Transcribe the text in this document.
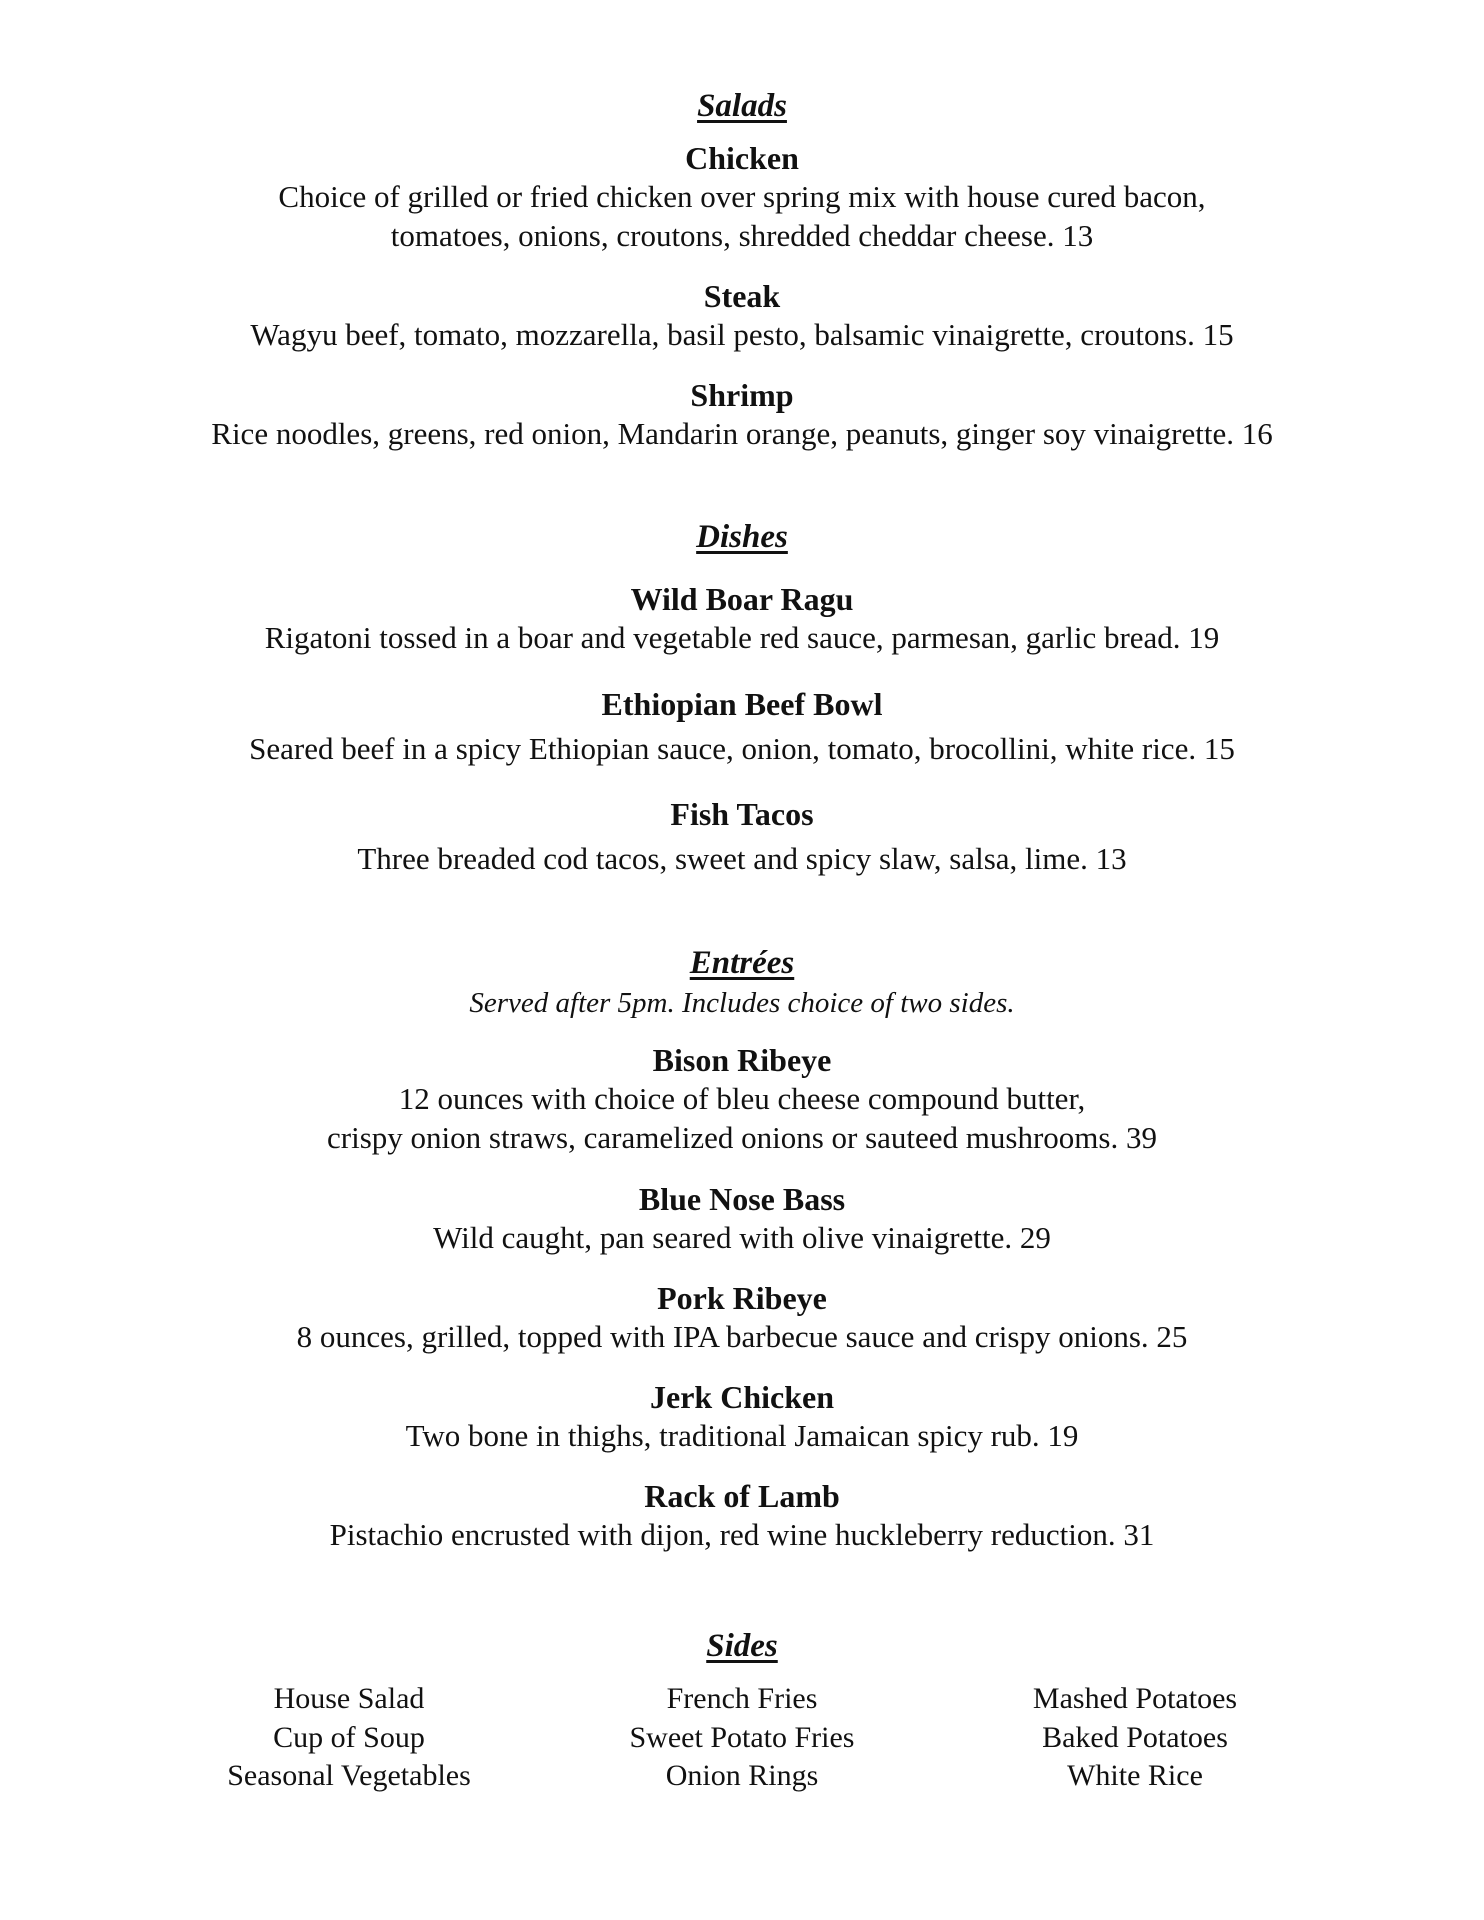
Salads
Chicken
Choice of grilled or fried chicken over spring mix with house cured bacon,
tomatoes, onions, croutons, shredded cheddar cheese. 13
Steak
Wagyu beef, tomato, mozzarella, basil pesto, balsamic vinaigrette, croutons. 15
Shrimp
Rice noodles, greens, red onion, Mandarin orange, peanuts, ginger soy vinaigrette. 16
Dishes
Wild Boar Ragu
Rigatoni tossed in a boar and vegetable red sauce, parmesan, garlic bread. 19
Ethiopian Beef Bowl
Seared beef in a spicy Ethiopian sauce, onion, tomato, brocollini, white rice. 15
Fish Tacos
Three breaded cod tacos, sweet and spicy slaw, salsa, lime. 13
Entrées
Served after 5pm. Includes choice of two sides.
Bison Ribeye
12 ounces with choice of bleu cheese compound butter,
crispy onion straws, caramelized onions or sauteed mushrooms. 39
Blue Nose Bass
Wild caught, pan seared with olive vinaigrette. 29
Pork Ribeye
8 ounces, grilled, topped with IPA barbecue sauce and crispy onions. 25
Jerk Chicken
Two bone in thighs, traditional Jamaican spicy rub. 19
Rack of Lamb
Pistachio encrusted with dijon, red wine huckleberry reduction. 31
Sides
House Salad
Cup of Soup
Seasonal Vegetables
French Fries
Sweet Potato Fries
Onion Rings
Mashed Potatoes
Baked Potatoes
White Rice
